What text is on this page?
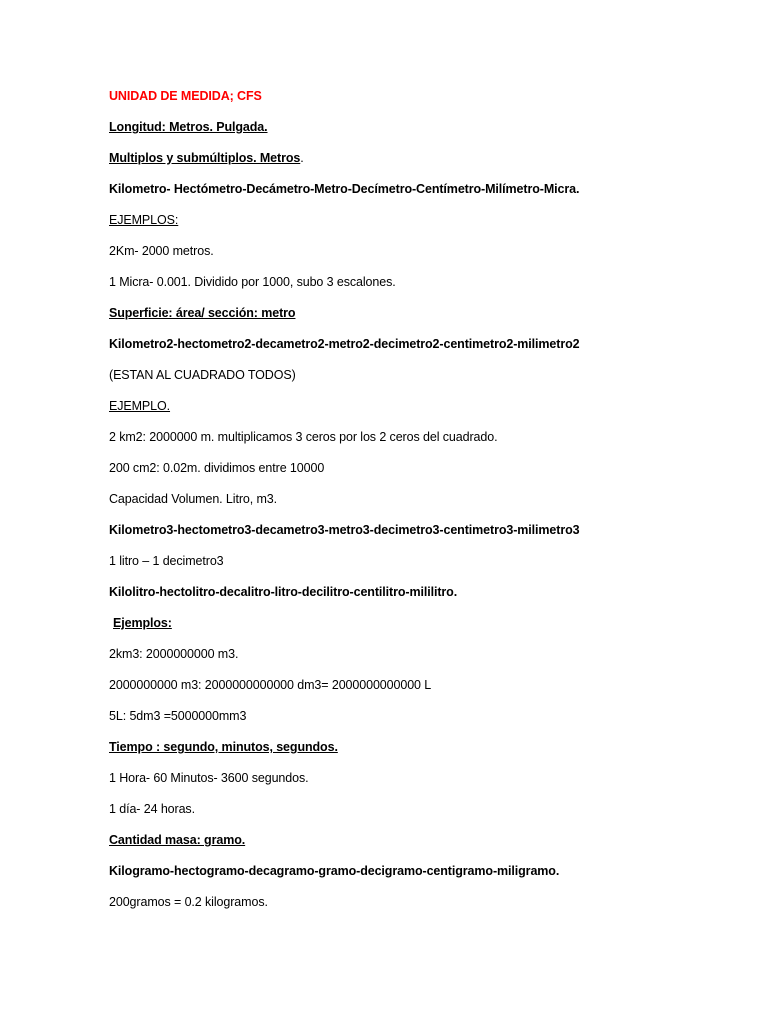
UNIDAD DE MEDIDA; CFS
Longitud: Metros. Pulgada.
Multiplos y submúltiplos. Metros.
Kilometro- Hectómetro-Decámetro-Metro-Decímetro-Centímetro-Milímetro-Micra.
EJEMPLOS:
2Km- 2000 metros.
1 Micra- 0.001. Dividido por 1000, subo 3 escalones.
Superficie: área/ sección: metro
Kilometro2-hectometro2-decametro2-metro2-decimetro2-centimetro2-milimetro2
(ESTAN AL CUADRADO TODOS)
EJEMPLO.
2 km2: 2000000 m. multiplicamos 3 ceros por los 2 ceros del cuadrado.
200 cm2: 0.02m. dividimos entre 10000
Capacidad Volumen. Litro, m3.
Kilometro3-hectometro3-decametro3-metro3-decimetro3-centimetro3-milimetro3
1 litro – 1 decimetro3
Kilolitro-hectolitro-decalitro-litro-decilitro-centilitro-mililitro.
Ejemplos:
2km3: 2000000000 m3.
2000000000 m3: 2000000000000 dm3= 2000000000000 L
5L: 5dm3 =5000000mm3
Tiempo : segundo, minutos, segundos.
1 Hora- 60 Minutos- 3600 segundos.
1 día- 24 horas.
Cantidad masa: gramo.
Kilogramo-hectogramo-decagramo-gramo-decigramo-centigramo-miligramo.
200gramos = 0.2 kilogramos.
